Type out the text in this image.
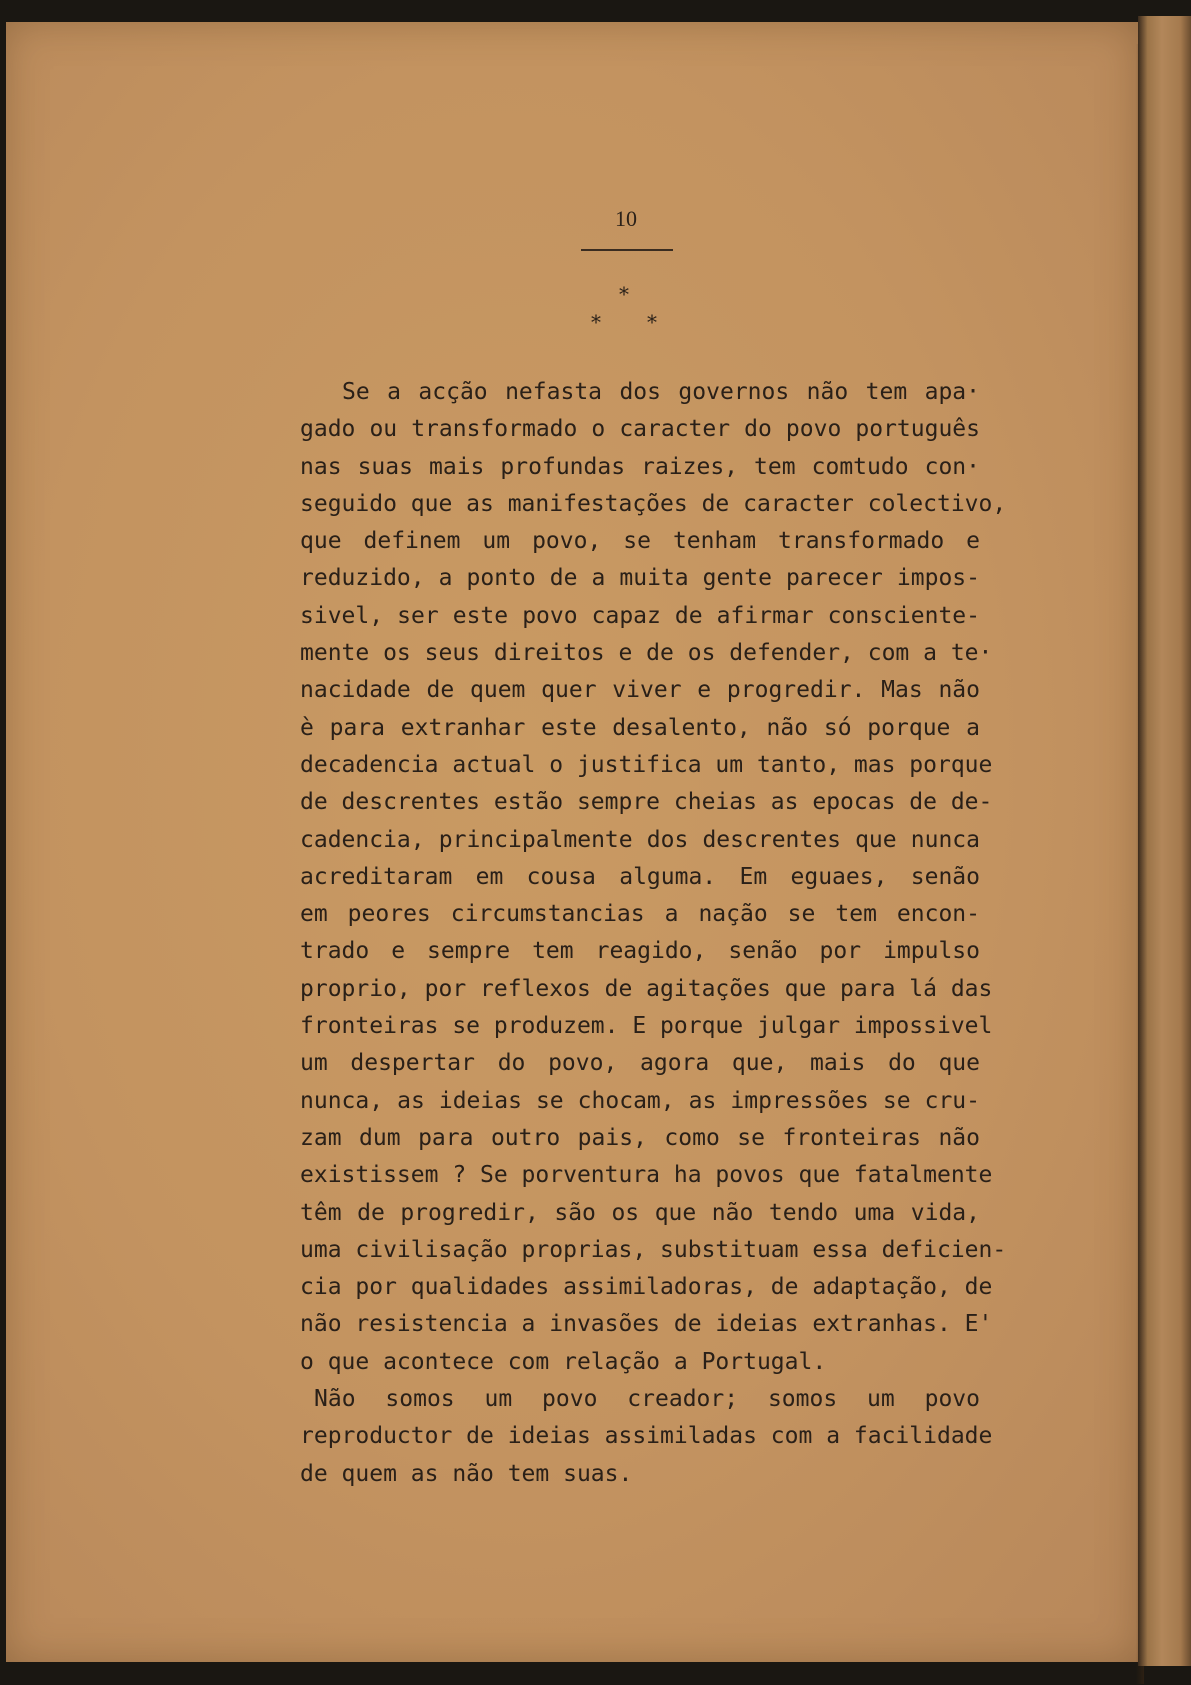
10
*
* *
Se a acção nefasta dos governos não tem apa·
gado ou transformado o caracter do povo português
nas suas mais profundas raizes, tem comtudo con·
seguido que as manifestações de caracter colectivo,
que definem um povo, se tenham transformado e
reduzido, a ponto de a muita gente parecer impos-
sivel, ser este povo capaz de afirmar conscientе-
mente os seus direitos e de os defender, com a te·
nacidade de quem quer viver e progredir. Mas não
è para extranhar este desalento, não só porque a
decadencia actual o justifica um tanto, mas porque
de descrentes estão sempre cheias as epocas de de-
cadencia, principalmente dos descrentes que nunca
acreditaram em cousa alguma. Em eguaes, senão
em peores circumstancias a nação se tem encon-
trado e sempre tem reagido, senão por impulso
proprio, por reflexos de agitações que para lá das
fronteiras se produzem. E porque julgar impossivel
um despertar do povo, agora que, mais do que
nunca, as ideias se chocam, as impressões se cru-
zam dum para outro pais, como se fronteiras não
existissem ? Se porventura ha povos que fatalmente
têm de progredir, são os que não tendo uma vida,
uma civilisação proprias, substituam essa deficien-
cia por qualidades assimiladoras, de adaptação, de
não resistencia a invasões de ideias extranhas. E'
o que acontece com relação a Portugal.
Não somos um povo creador; somos um povo
reproductor de ideias assimiladas com a facilidade
de quem as não tem suas.
